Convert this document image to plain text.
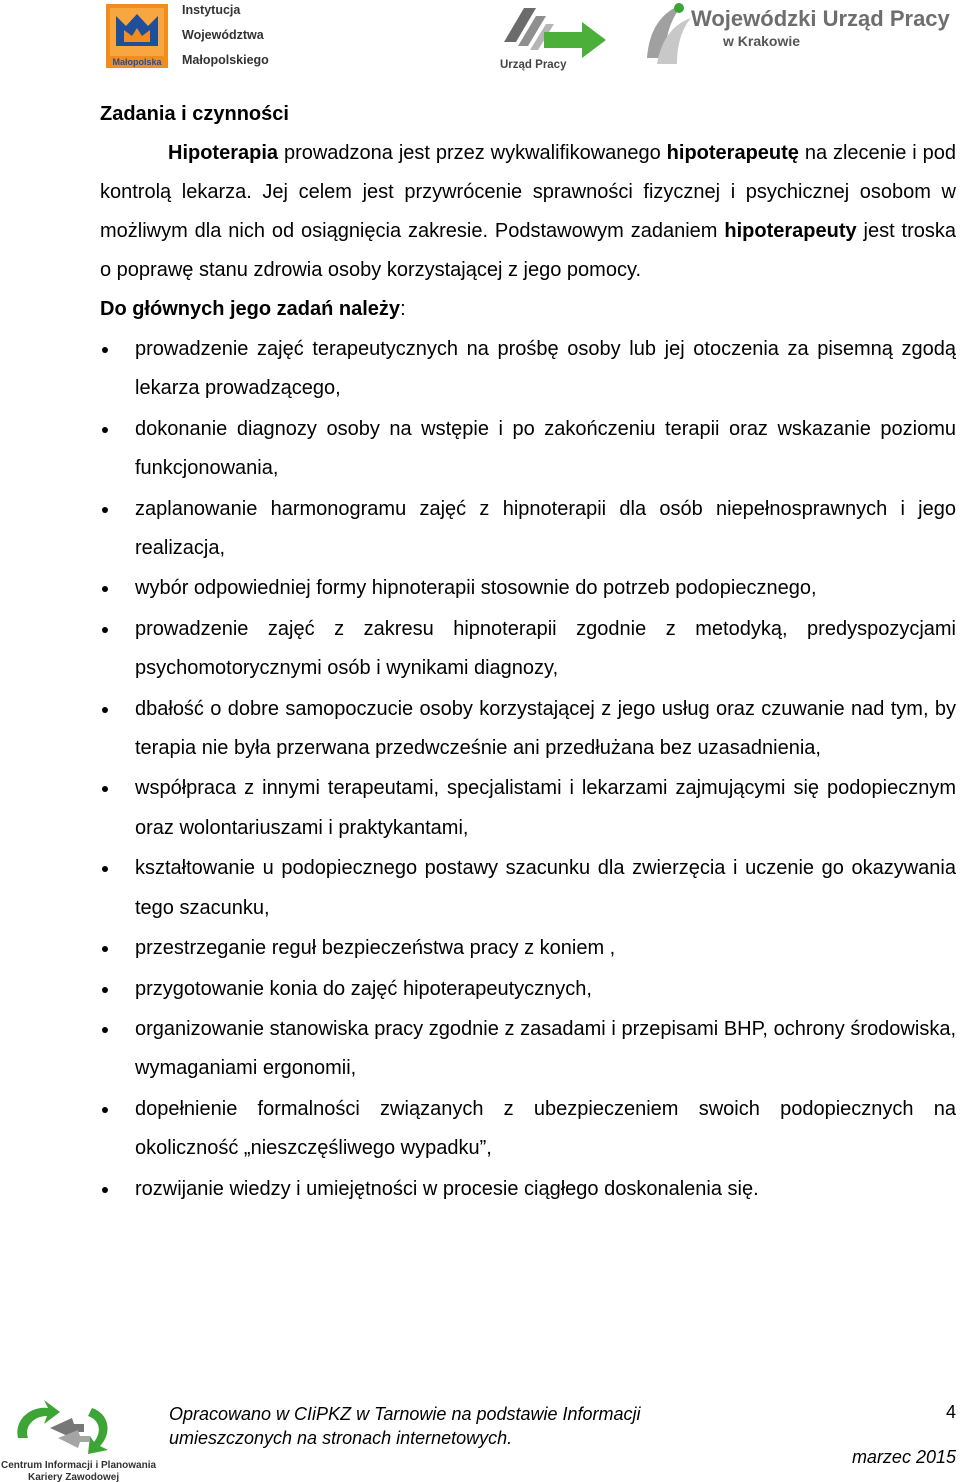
Małopolska
Instytucja
Województwa
Małopolskiego	Urząd Pracy
Wojewódzki Urząd Pracy
w Krakowie

Zadania i czynności

Hipoterapia prowadzona jest przez wykwalifikowanego hipoterapeutę na zlecenie i pod kontrolą lekarza. Jej celem jest przywrócenie sprawności fizycznej i psychicznej osobom w możliwym dla nich od osiągnięcia zakresie. Podstawowym zadaniem hipoterapeuty jest troska o poprawę stanu zdrowia osoby korzystającej z jego pomocy.

Do głównych jego zadań należy:

prowadzenie zajęć terapeutycznych na prośbę osoby lub jej otoczenia za pisemną zgodą lekarza prowadzącego,
dokonanie diagnozy osoby na wstępie i po zakończeniu terapii oraz wskazanie poziomu funkcjonowania,
zaplanowanie harmonogramu zajęć z hipnoterapii dla osób niepełnosprawnych i jego realizacja,
wybór odpowiedniej formy hipnoterapii stosownie do potrzeb podopiecznego,
prowadzenie zajęć z zakresu hipnoterapii zgodnie z metodyką, predyspozycjami psychomotorycznymi osób i wynikami diagnozy,
dbałość o dobre samopoczucie osoby korzystającej z jego usług oraz czuwanie nad tym, by terapia nie była przerwana przedwcześnie ani przedłużana bez uzasadnienia,
współpraca z innymi terapeutami, specjalistami i lekarzami zajmującymi się podopiecznym oraz wolontariuszami i praktykantami,
kształtowanie u podopiecznego postawy szacunku dla zwierzęcia i uczenie go okazywania tego szacunku,
przestrzeganie reguł bezpieczeństwa pracy z koniem ,
przygotowanie konia do zajęć hipoterapeutycznych,
organizowanie stanowiska pracy zgodnie z zasadami i przepisami BHP, ochrony środowiska, wymaganiami ergonomii,
dopełnienie formalności związanych z ubezpieczeniem swoich podopiecznych na okoliczność „nieszczęśliwego wypadku”,
rozwijanie wiedzy i umiejętności w procesie ciągłego doskonalenia się.
Centrum Informacji i Planowania
Kariery Zawodowej
Opracowano w CIiPKZ w Tarnowie na podstawie Informacji
umieszczonych na stronach internetowych.
4
marzec 2015
